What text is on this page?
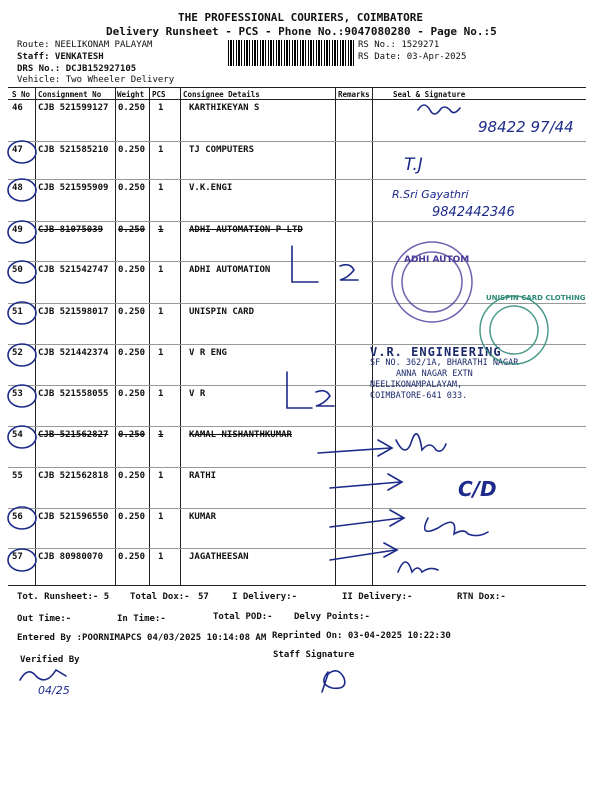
THE PROFESSIONAL COURIERS, COIMBATORE
Delivery Runsheet - PCS - Phone No.:9047080280 - Page No.:5
Route: NEELIKONAM PALAYAM
Staff: VENKATESH
DRS No.: DCJB152927105
Vehicle: Two Wheeler Delivery
RS No.: 1529271
RS Date: 03-Apr-2025
S No Consignment No Weight PCS Consignee Details	Remarks	Seal & Signature
46 CJB 521599127 0.250 1	KARTHIKEYAN S
47 CJB 521585210 0.250 1	TJ COMPUTERS
48 CJB 521595909 0.250 1	V.K.ENGI
49 CJB 81075039 0.250 1	ADHI AUTOMATION P LTD
50 CJB 521542747 0.250 1	ADHI AUTOMATION
51 CJB 521598017 0.250 1	UNISPIN CARD
52 CJB 521442374 0.250 1	V R ENG
53 CJB 521558055 0.250 1	V R
54 CJB 521562827 0.250 1	KAMAL NISHANTHKUMAR
55 CJB 521562818 0.250 1	RATHI
56 CJB 521596550 0.250 1	KUMAR
57 CJB 80980070 0.250 1	JAGATHEESAN
Tot. Runsheet:- 5 Total Dox:- 57	I Delivery:-	II Delivery:-	RTN Dox:-
Out Time:-	In Time:-	Total POD:- Delvy Points:-
Entered By :POORNIMAPCS 04/03/2025 10:14:08 AM Reprinted On: 03-04-2025 10:22:30
Verified By	Staff Signature
V.R. ENGINEERING
SF NO. 362/1A, BHARATHI NAGAR
ANNA NAGAR EXTN
NEELIKONAMPALAYAM,
COIMBATORE-641 033.
98422 97/44
T.J
R.Sri Gayathri
9842442346
C/D
04/25
ADHI AUTOM
UNISPIN CARD CLOTHING
